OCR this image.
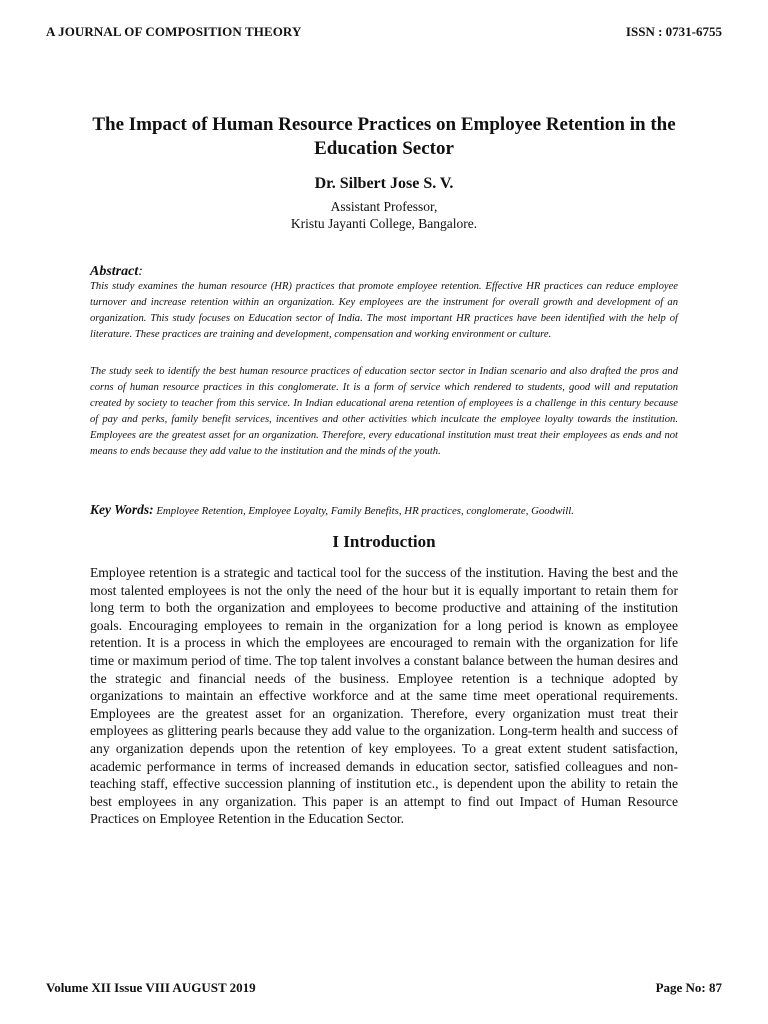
A JOURNAL OF COMPOSITION THEORY	ISSN : 0731-6755
The Impact of Human Resource Practices on Employee Retention in the Education Sector
Dr. Silbert Jose S. V.
Assistant Professor,
Kristu Jayanti College, Bangalore.
Abstract:
This study examines the human resource (HR) practices that promote employee retention. Effective HR practices can reduce employee turnover and increase retention within an organization. Key employees are the instrument for overall growth and development of an organization. This study focuses on Education sector of India. The most important HR practices have been identified with the help of literature. These practices are training and development, compensation and working environment or culture.
The study seek to identify the best human resource practices of education sector sector in Indian scenario and also drafted the pros and corns of human resource practices in this conglomerate. It is a form of service which rendered to students, good will and reputation created by society to teacher from this service. In Indian educational arena retention of employees is a challenge in this century because of pay and perks, family benefit services, incentives and other activities which inculcate the employee loyalty towards the institution. Employees are the greatest asset for an organization. Therefore, every educational institution must treat their employees as ends and not means to ends because they add value to the institution and the minds of the youth.
Key Words: Employee Retention, Employee Loyalty, Family Benefits, HR practices, conglomerate, Goodwill.
I Introduction
Employee retention is a strategic and tactical tool for the success of the institution. Having the best and the most talented employees is not the only the need of the hour but it is equally important to retain them for long term to both the organization and employees to become productive and attaining of the institution goals. Encouraging employees to remain in the organization for a long period is known as employee retention. It is a process in which the employees are encouraged to remain with the organization for life time or maximum period of time. The top talent involves a constant balance between the human desires and the strategic and financial needs of the business. Employee retention is a technique adopted by organizations to maintain an effective workforce and at the same time meet operational requirements. Employees are the greatest asset for an organization. Therefore, every organization must treat their employees as glittering pearls because they add value to the organization. Long-term health and success of any organization depends upon the retention of key employees. To a great extent student satisfaction, academic performance in terms of increased demands in education sector, satisfied colleagues and non-teaching staff, effective succession planning of institution etc., is dependent upon the ability to retain the best employees in any organization. This paper is an attempt to find out Impact of Human Resource Practices on Employee Retention in the Education Sector.
Volume XII Issue VIII AUGUST 2019	Page No: 87
